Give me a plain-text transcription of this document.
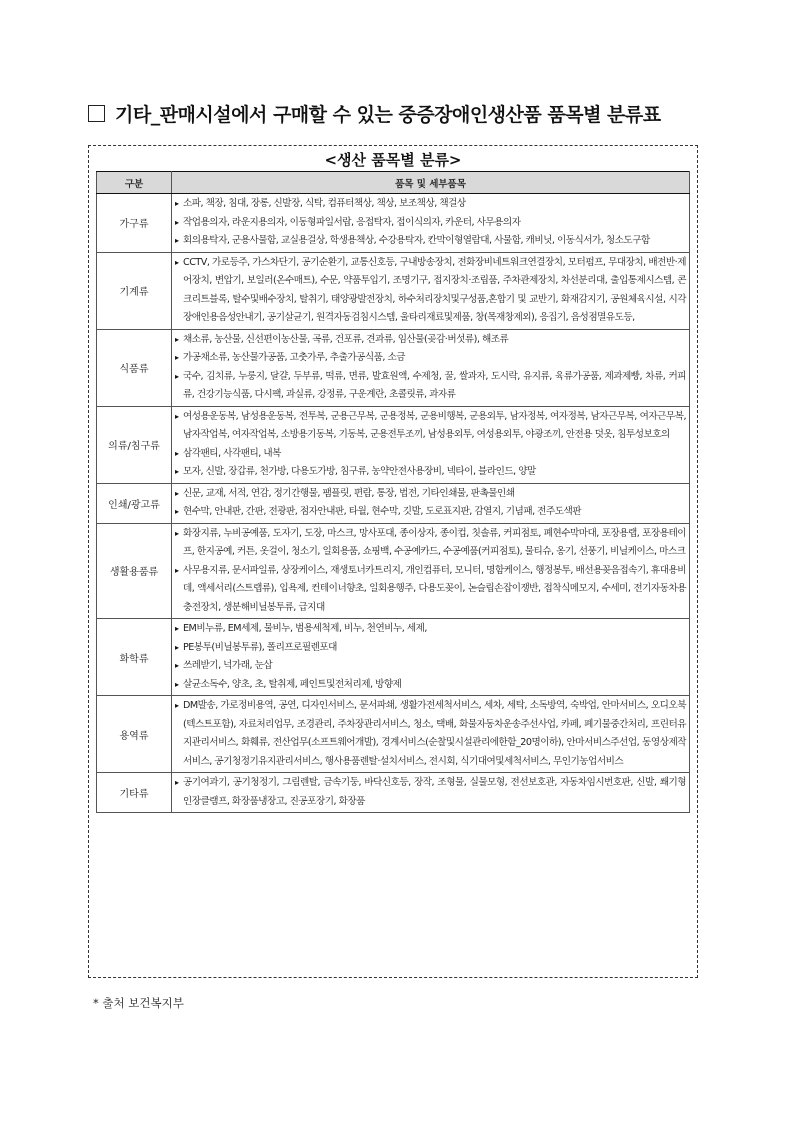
기타_판매시설에서 구매할 수 있는 중증장애인생산품 품목별 분류표
<생산 품목별 분류>
구분	품목 및 세부품목
가구류	▸ 소파, 책장, 침대, 장롱, 신발장, 식탁, 컴퓨터책상, 책상, 보조책상, 책걸상
▸ 작업용의자, 라운지용의자, 이동형파일서랍, 응접탁자, 접이식의자, 카운터, 사무용의자
▸ 회의용탁자, 군용사물함, 교실용걸상, 학생용책상, 수강용탁자, 칸막이형열람대, 사물함, 캐비닛, 이동식서가, 청소도구함

기계류	▸ CCTV, 가로등주, 가스차단기, 공기순환기, 교통신호등, 구내방송장치, 전화장비네트워크연결장치, 모터펌프, 무대장치, 배전반·제어장치, 변압기, 보일러(온수매트), 수문, 약품투입기, 조명기구, 접지장치·조립품, 주차관제장치, 차선분리대, 출입통제시스템, 콘크리트블록, 탈수및배수장치, 탈취기, 태양광발전장치, 하수처리장치및구성품,혼합기 및 교반기, 화재감지기, 공원체육시설, 시각장애인용음성안내기, 공기살균기, 원격자동검침시스템, 울타리재료및제품, 창(목재창제외), 응집기, 음성점멸유도등,

식품류	▸ 채소류, 농산물, 신선편이농산물, 곡류, 건포류, 견과류, 임산물(곶감·버섯류), 해조류
▸ 가공채소류, 농산물가공품, 고춧가루, 추출가공식품, 소금
▸ 국수, 김치류, 누룽지, 달걀, 두부류, 떡류, 면류, 발효원액, 수제청, 꿀, 쌀과자, 도시락, 유지류, 육류가공품, 제과제빵, 차류, 커피류, 건강기능식품, 다시팩, 과실류, 강정류, 구운계란, 초콜릿류, 과자류

의류/침구류	▸ 여성용운동복, 남성용운동복, 전투복, 군용근무복, 군용정복, 군용비행복, 군용외투, 남자정복, 여자정복, 남자근무복, 여자근무복, 남자작업복, 여자작업복, 소방용기동복, 기동복, 군용전투조끼, 남성용외투, 여성용외투, 야광조끼, 안전용 덧옷, 침투성보호의
▸ 삼각팬티, 사각팬티, 내복
▸ 모자, 신발, 장갑류, 천가방, 다용도가방, 침구류, 농약안전사용장비, 넥타이, 블라인드, 양말

인쇄/광고류	▸ 신문, 교재, 서적, 연감, 정기간행물, 팸플릿, 편람, 통장, 법전, 기타인쇄물, 판촉물인쇄
▸ 현수막, 안내판, 간판, 전광판, 점자안내판, 타월, 현수막, 깃발, 도로표지판, 감열지, 기념패, 전주도색판

생활용품류	▸ 화장지류, 누비공예품, 도자기, 도장, 마스크, 망사포대, 종이상자, 종이컵, 칫솔류, 커피점토, 폐현수막마대, 포장용랩, 포장용테이프, 한지공예, 커튼, 옷걸이, 청소기, 일회용품, 쇼핑백, 수공예카드, 수공예품(커피점토), 물티슈, 옹기, 선풍기, 비닐케이스, 마스크
▸ 사무용지류, 문서파일류, 상장케이스, 재생토너카트리지, 개인컴퓨터, 모니터, 명함케이스, 행정봉투, 배선용꽂음접속기, 휴대용비데, 액세서리(스트랩류), 입욕제, 컨테이너향초, 일회용행주, 다용도꽂이, 논슬립손잡이쟁반, 접착식메모지, 수세미, 전기자동차용충전장치, 생분해비닐봉투류, 급지대

화학류	▸ EM비누류, EM세제, 물비누, 범용세척제, 비누, 천연비누, 세제,
▸ PE봉투(비닐봉투류), 폴리프로필렌포대
▸ 쓰레받기, 넉가래, 눈삽
▸ 살균소독수, 양초, 초, 탈취제, 페인트및전처리제, 방향제

용역류	▸ DM발송, 가로정비용역, 공연, 디자인서비스, 문서파쇄, 생활가전세척서비스, 세차, 세탁, 소독방역, 숙박업, 안마서비스, 오디오북(텍스트포함), 자료처리업무, 조경관리, 주차장관리서비스, 청소, 택배, 화물자동차운송주선사업, 카페, 폐기물중간처리, 프린터유지관리서비스, 화훼류, 전산업무(소프트웨어개발), 경계서비스(순찰및시설관리에한함_20명이하), 안마서비스주선업, 동영상제작서비스, 공기청정기유지관리서비스, 행사용품렌탈·설치서비스, 전시회, 식기대여및세척서비스, 무인기농업서비스

기타류	▸ 공기여과기, 공기청정기, 그림렌탈, 금속기둥, 바닥신호등, 장작, 조형물, 실물모형, 전선보호관, 자동차임시번호판, 신발, 쐐기형인장클램프, 화장품냉장고, 진공포장기, 화장품
* 출처 보건복지부
